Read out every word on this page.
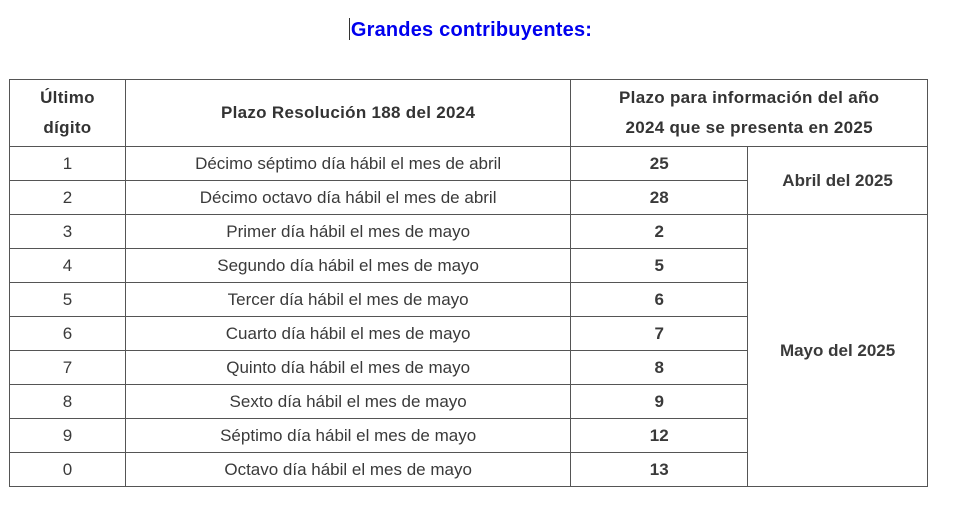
Grandes contribuyentes:
Último
dígito	Plazo Resolución 188 del 2024	Plazo para información del año
2024 que se presenta en 2025	
1	Décimo séptimo día hábil el mes de abril	25	Abril del 2025
2	Décimo octavo día hábil el mes de abril	28	
3	Primer día hábil el mes de mayo	2	Mayo del 2025
4	Segundo día hábil el mes de mayo	5	
5	Tercer día hábil el mes de mayo	6	
6	Cuarto día hábil el mes de mayo	7	
7	Quinto día hábil el mes de mayo	8	
8	Sexto día hábil el mes de mayo	9	
9	Séptimo día hábil el mes de mayo	12	
0	Octavo día hábil el mes de mayo	13	
